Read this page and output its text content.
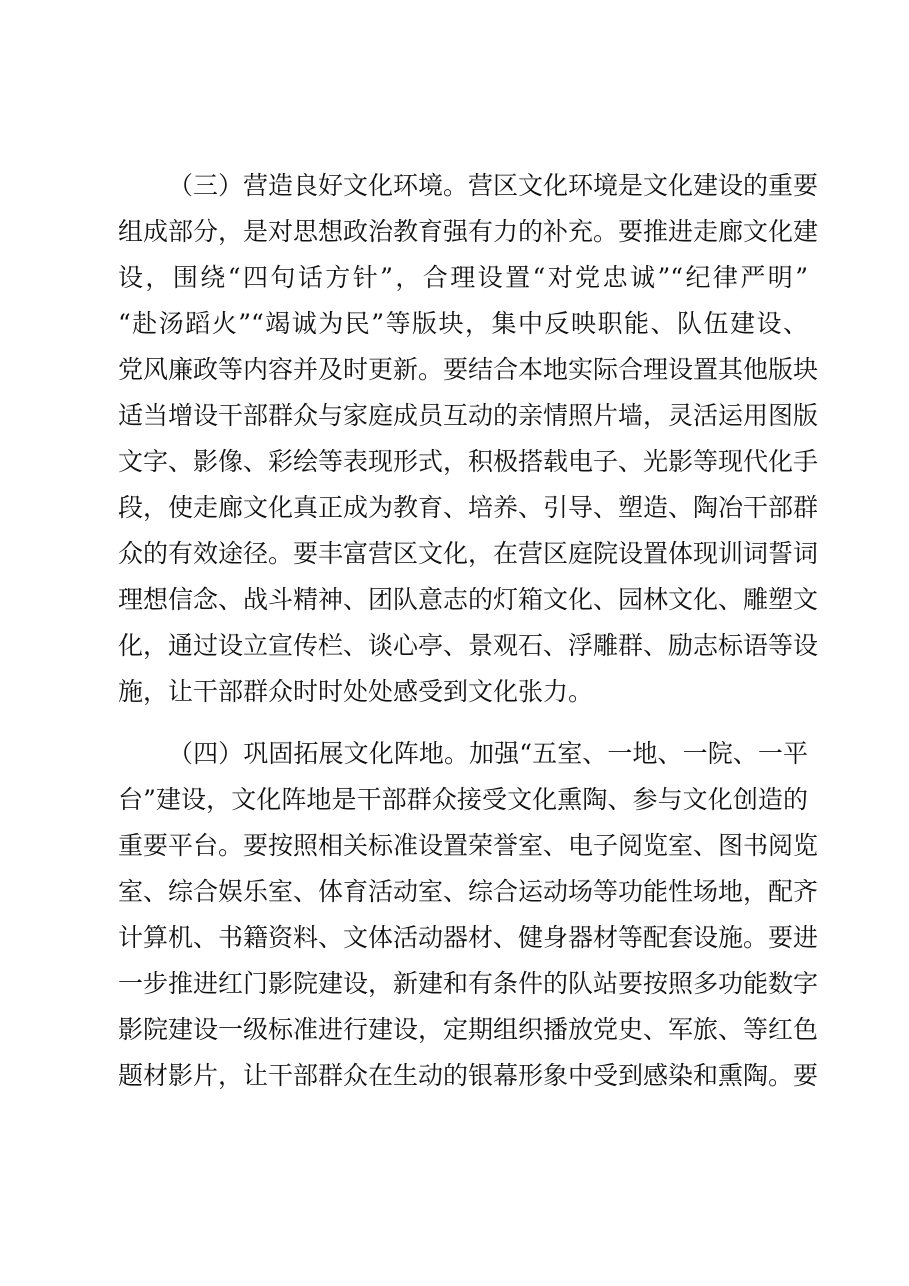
（三）营造良好文化环境。营区文化环境是文化建设的重要
组成部分，是对思想政治教育强有力的补充。要推进走廊文化建
设，围绕“四句话方针”，合理设置“对党忠诚”“纪律严明”
“赴汤蹈火”“竭诚为民”等版块，集中反映职能、队伍建设、
党风廉政等内容并及时更新。要结合本地实际合理设置其他版块
适当增设干部群众与家庭成员互动的亲情照片墙，灵活运用图版
文字、影像、彩绘等表现形式，积极搭载电子、光影等现代化手
段，使走廊文化真正成为教育、培养、引导、塑造、陶冶干部群
众的有效途径。要丰富营区文化，在营区庭院设置体现训词誓词
理想信念、战斗精神、团队意志的灯箱文化、园林文化、雕塑文
化，通过设立宣传栏、谈心亭、景观石、浮雕群、励志标语等设
施，让干部群众时时处处感受到文化张力。
（四）巩固拓展文化阵地。加强“五室、一地、一院、一平
台”建设，文化阵地是干部群众接受文化熏陶、参与文化创造的
重要平台。要按照相关标准设置荣誉室、电子阅览室、图书阅览
室、综合娱乐室、体育活动室、综合运动场等功能性场地，配齐
计算机、书籍资料、文体活动器材、健身器材等配套设施。要进
一步推进红门影院建设，新建和有条件的队站要按照多功能数字
影院建设一级标准进行建设，定期组织播放党史、军旅、等红色
题材影片，让干部群众在生动的银幕形象中受到感染和熏陶。要
